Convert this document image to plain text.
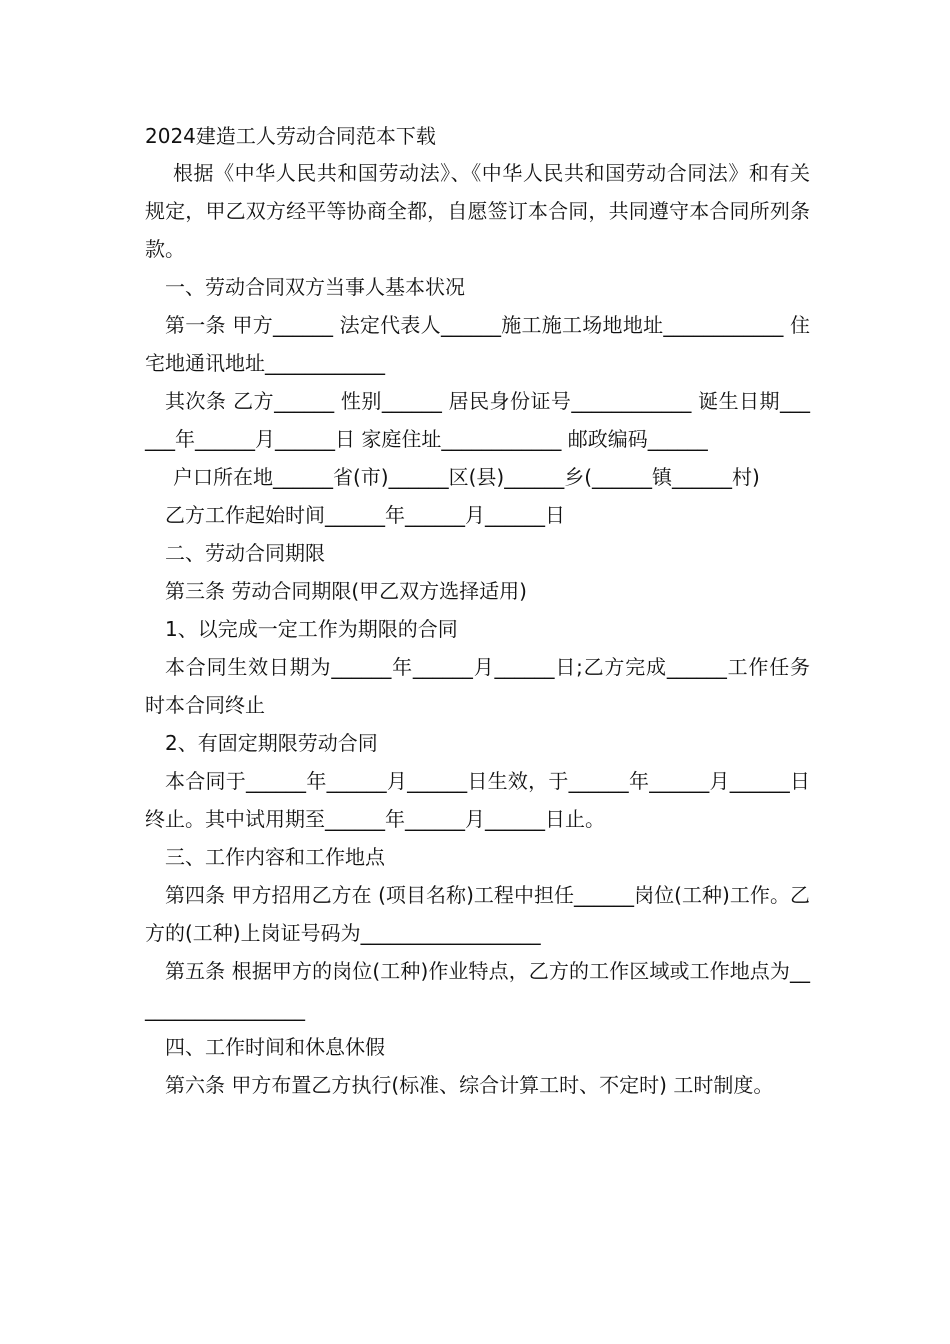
2024建造工人劳动合同范本下载

根据《中华人民共和国劳动法》、《中华人民共和国劳动合同法》和有关规定，甲乙双方经平等协商全都，自愿签订本合同，共同遵守本合同所列条款。

一、劳动合同双方当事人基本状况

第一条 甲方______ 法定代表人______施工施工场地地址____________ 住宅地通讯地址____________

其次条 乙方______ 性别______ 居民身份证号____________ 诞生日期______年______月______日 家庭住址____________ 邮政编码______

户口所在地______省(市)______区(县)______乡(______镇______村)

乙方工作起始时间______年______月______日

二、劳动合同期限

第三条 劳动合同期限(甲乙双方选择适用)

1、以完成一定工作为期限的合同

本合同生效日期为______年______月______日;乙方完成______工作任务时本合同终止

2、有固定期限劳动合同

本合同于______年______月______日生效，于______年______月______日终止。其中试用期至______年______月______日止。

三、工作内容和工作地点

第四条 甲方招用乙方在 (项目名称)工程中担任______岗位(工种)工作。乙方的(工种)上岗证号码为__________________

第五条 根据甲方的岗位(工种)作业特点，乙方的工作区域或工作地点为__________________

四、工作时间和休息休假

第六条 甲方布置乙方执行(标准、综合计算工时、不定时) 工时制度。
